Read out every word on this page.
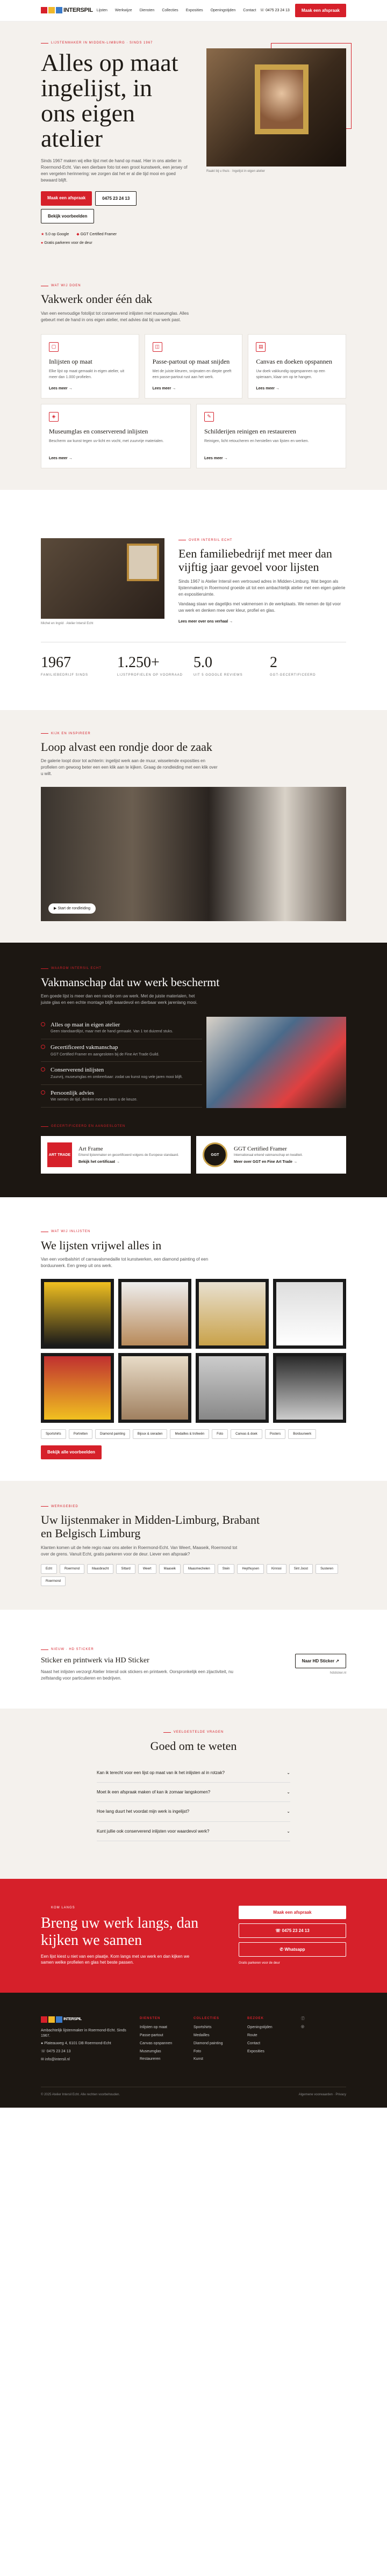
INTERSPIL Lijsten Werkwijze Diensten Collecties Exposities Openingstijden Contact ☏ 0475 23 24 13	Maak een afspraak
LIJSTENMAKER IN MIDDEN-LIMBURG · SINDS 1967
Alles op maat ingelijst, in ons eigen atelier

Sinds 1967 maken wij elke lijst met de hand op maat. Hier in ons atelier in Roermond-Echt. Van een dierbare foto tot een groot kunstwerk, een jersey of een vergeten herinnering: we zorgen dat het er al die tijd mooi en goed bewaard blijft.

Maak een afspraak	0475 23 24 13
Bekijk voorbeelden
★ 5.0 op Google ◆ GGT Certified Framer
● Gratis parkeren voor de deur
Raakt bij u thuis · Ingelijst in eigen atelier
WAT WIJ DOEN
Vakwerk onder één dak

Van een eenvoudige fotolijst tot conserverend inlijsten met museumglas. Alles gebeurt met de hand in ons eigen atelier, met advies dat bij uw werk past.

▢
Inlijsten op maat

Elke lijst op maat gemaakt in eigen atelier, uit meer dan 1.000 profielen.

Lees meer →
◫
Passe-partout op maat snijden

Met de juiste kleuren, snijmaten en diepte geeft een passe-partout rust aan het werk.

Lees meer →
▤
Canvas en doeken opspannen

Uw doek vakkundig opgespannen op een spieraam, klaar om op te hangen.

Lees meer →
◈
Museumglas en conserverend inlijsten

Bescherm uw kunst tegen uv-licht en vocht, met zuurvrije materialen.

Lees meer →
✎
Schilderijen reinigen en restaureren

Reinigen, licht retoucheren en herstellen van lijsten en werken.

Lees meer →
Michel en Ingrid · Atelier Intersil Echt
OVER INTERSIL ECHT
Een familiebedrijf met meer dan vijftig jaar gevoel voor lijsten

Sinds 1967 is Atelier Intersil een vertrouwd adres in Midden-Limburg. Wat begon als lijstenmakerij in Roermond groeide uit tot een ambachtelijk atelier met een eigen galerie en expositieruimte.

Vandaag staan we dagelijks met vakmensen in de werkplaats. We nemen de tijd voor uw werk en denken mee over kleur, profiel en glas.

Lees meer over ons verhaal →
1967
FAMILIEBEDRIJF SINDS
1.250+
LIJSTPROFIELEN OP VOORRAAD
5.0
UIT 5 GOOGLE REVIEWS
2
GGT-GECERTIFICEERD
KIJK EN INSPIREER
Loop alvast een rondje door de zaak

De galerie loopt door tot achterin: ingelijst werk aan de muur, wisselende exposities en profielen om gewoog beter een een klik aan te kijken. Graag de rondleiding met een klik over u wilt.

▶ Start de rondleiding
WAAROM INTERSIL ECHT
Vakmanschap dat uw werk beschermt

Een goede lijst is meer dan een randje om uw werk. Met de juiste materialen, het juiste glas en een echte montage blijft waardevol en dierbaar werk jarenlang mooi.

Alles op maat in eigen atelier

Geen standaardlijst, maar met de hand gemaakt. Van 1 tot duizend stuks.

Gecertificeerd vakmanschap

GGT Certified Framer en aangesloten bij de Fine Art Trade Guild.

Conserverend inlijsten

Zuurvrij, museumglas en omkeerbaar: zodat uw kunst nog vele jaren mooi blijft.

Persoonlijk advies

We nemen de tijd, denken mee en laten u de keuze.

GECERTIFICEERD EN AANGESLOTEN
ART TRADE
Art Frame

Erkend lijstenmaker en gecertificeerd volgens de Europese standaard.

Bekijk het certificaat →
GGT
GGT Certified Framer

Internationaal erkend vakmanschap en kwaliteit.

Meer over GGT en Fine Art Trade →
WAT WIJ INLIJSTEN
We lijsten vrijwel alles in

Van een voetbalshirt of carnavalsmedaille tot kunstwerken, een diamond painting of een borduurwerk. Een greep uit ons werk.

Sportshirts	Portretten	Diamond painting	Bijoux & sieraden	Medailles & trofeeën	Foto	Canvas & doek	Posters	Borduurwerk
Bekijk alle voorbeelden
WERKGEBIED
Uw lijstenmaker in Midden-Limburg, Brabant en Belgisch Limburg

Klanten komen uit de hele regio naar ons atelier in Roermond-Echt. Van Weert, Maaseik, Roermond tot over de grens. Vanuit Echt, gratis parkeren voor de deur. Liever een afspraak?

Echt	Roermond	Maasbracht	Sittard	Weert	Maaseik	Maasmechelen	Stein	Heythuysen	Kinrooi	Sint Joost	Susteren
Roermond
NIEUW · HD STICKER
Sticker en printwerk via HD Sticker

Naast het inlijsten verzorgt Atelier Intersil ook stickers en printwerk. Oorspronkelijk een zijactiviteit, nu zelfstandig voor particulieren en bedrijven.

Naar HD Sticker ↗
hdsticker.nl
VEELGESTELDE VRAGEN
Goed om te weten
Kan ik terecht voor een lijst op maat van ik het inlijsten al in rotzak?	⌄
Moet ik een afspraak maken of kan ik zomaar langskomen?	⌄
Hoe lang duurt het voordat mijn werk is ingelijst?	⌄
Kunt jullie ook conserverend inlijsten voor waardevol werk?	⌄
KOM LANGS
Breng uw werk langs, dan kijken we samen

Een lijst kiest u niet van een plaatje. Kom langs met uw werk en dan kijken we samen welke profielen en glas het beste passen.

Maak een afspraak
☏ 0475 23 24 13
✆ Whatsapp
Gratis parkeren voor de deur
INTERSPIL
Ambachtelijk lijstenmaker in Roermond-Echt. Sinds 1967.
● Plateauweg 4, 6101 DB Roermond-Echt
☏ 0475 23 24 13
✉ info@intersil.nl
DIENSTEN
Inlijsten op maat
Passe-partout
Canvas opspannen
Museumglas
Restaureren
COLLECTIES
Sportshirts
Medailles
Diamond painting
Foto
Kunst
BEZOEK
Openingstijden
Route
Contact
Exposities
ⓕ
◎
© 2025 Atelier Intersil Echt. Alle rechten voorbehouden.	Algemene voorwaarden · Privacy
